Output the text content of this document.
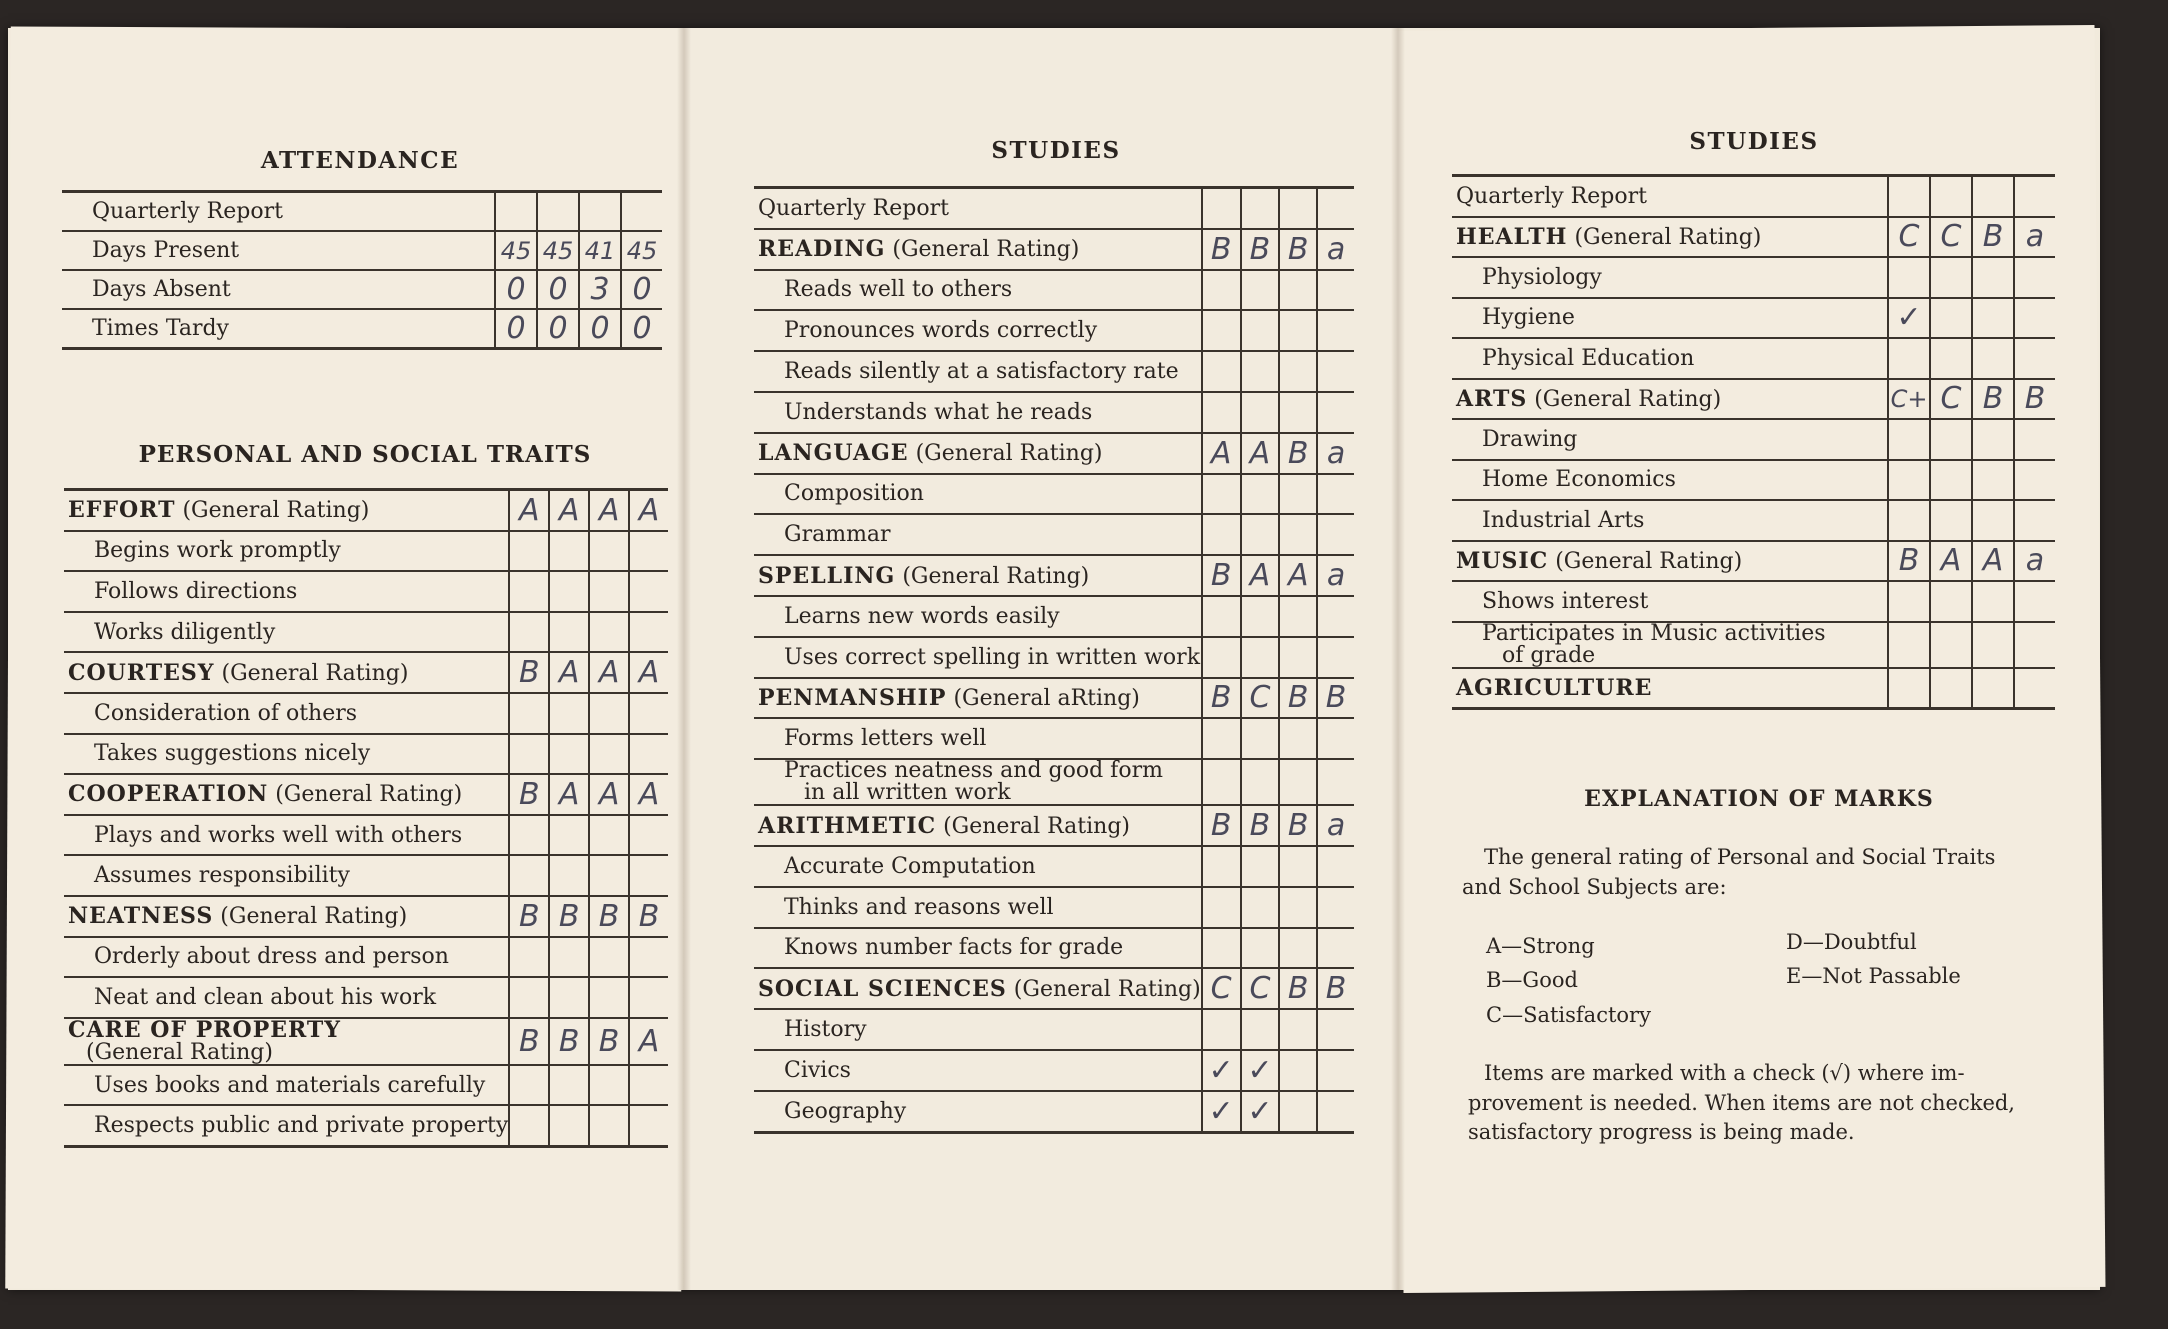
ATTENDANCE
Quarterly Report				
Days Present	45	45	41	45
Days Absent	0	0	3	0
Times Tardy	0	0	0	0
PERSONAL AND SOCIAL TRAITS
EFFORT (General Rating)	A	A	A	A
Begins work promptly				
Follows directions				
Works diligently				
COURTESY (General Rating)	B	A	A	A
Consideration of others				
Takes suggestions nicely				
COOPERATION (General Rating)	B	A	A	A
Plays and works well with others				
Assumes responsibility				
NEATNESS (General Rating)	B	B	B	B
Orderly about dress and person				
Neat and clean about his work				
CARE OF PROPERTY
(General Rating)	B	B	B	A
Uses books and materials carefully				
Respects public and private property				
STUDIES
Quarterly Report				
READING (General Rating)	B	B	B	a
Reads well to others				
Pronounces words correctly				
Reads silently at a satisfactory rate				
Understands what he reads				
LANGUAGE (General Rating)	A	A	B	a
Composition				
Grammar				
SPELLING (General Rating)	B	A	A	a
Learns new words easily				
Uses correct spelling in written work				
PENMANSHIP (General aRting)	B	C	B	B
Forms letters well				
Practices neatness and good form
in all written work				
ARITHMETIC (General Rating)	B	B	B	a
Accurate Computation				
Thinks and reasons well				
Knows number facts for grade				
SOCIAL SCIENCES (General Rating)	C	C	B	B
History				
Civics	✓	✓		
Geography	✓	✓		
STUDIES
Quarterly Report				
HEALTH (General Rating)	C	C	B	a
Physiology				
Hygiene	✓			
Physical Education				
ARTS (General Rating)	C+	C	B	B
Drawing				
Home Economics				
Industrial Arts				
MUSIC (General Rating)	B	A	A	a
Shows interest				
Participates in Music activities
of grade				
AGRICULTURE				
EXPLANATION OF MARKS
The general rating of Personal and Social Traits
and School Subjects are:
A—Strong
B—Good
C—Satisfactory
D—Doubtful
E—Not Passable
Items are marked with a check (√) where im-
provement is needed. When items are not checked,
satisfactory progress is being made.
